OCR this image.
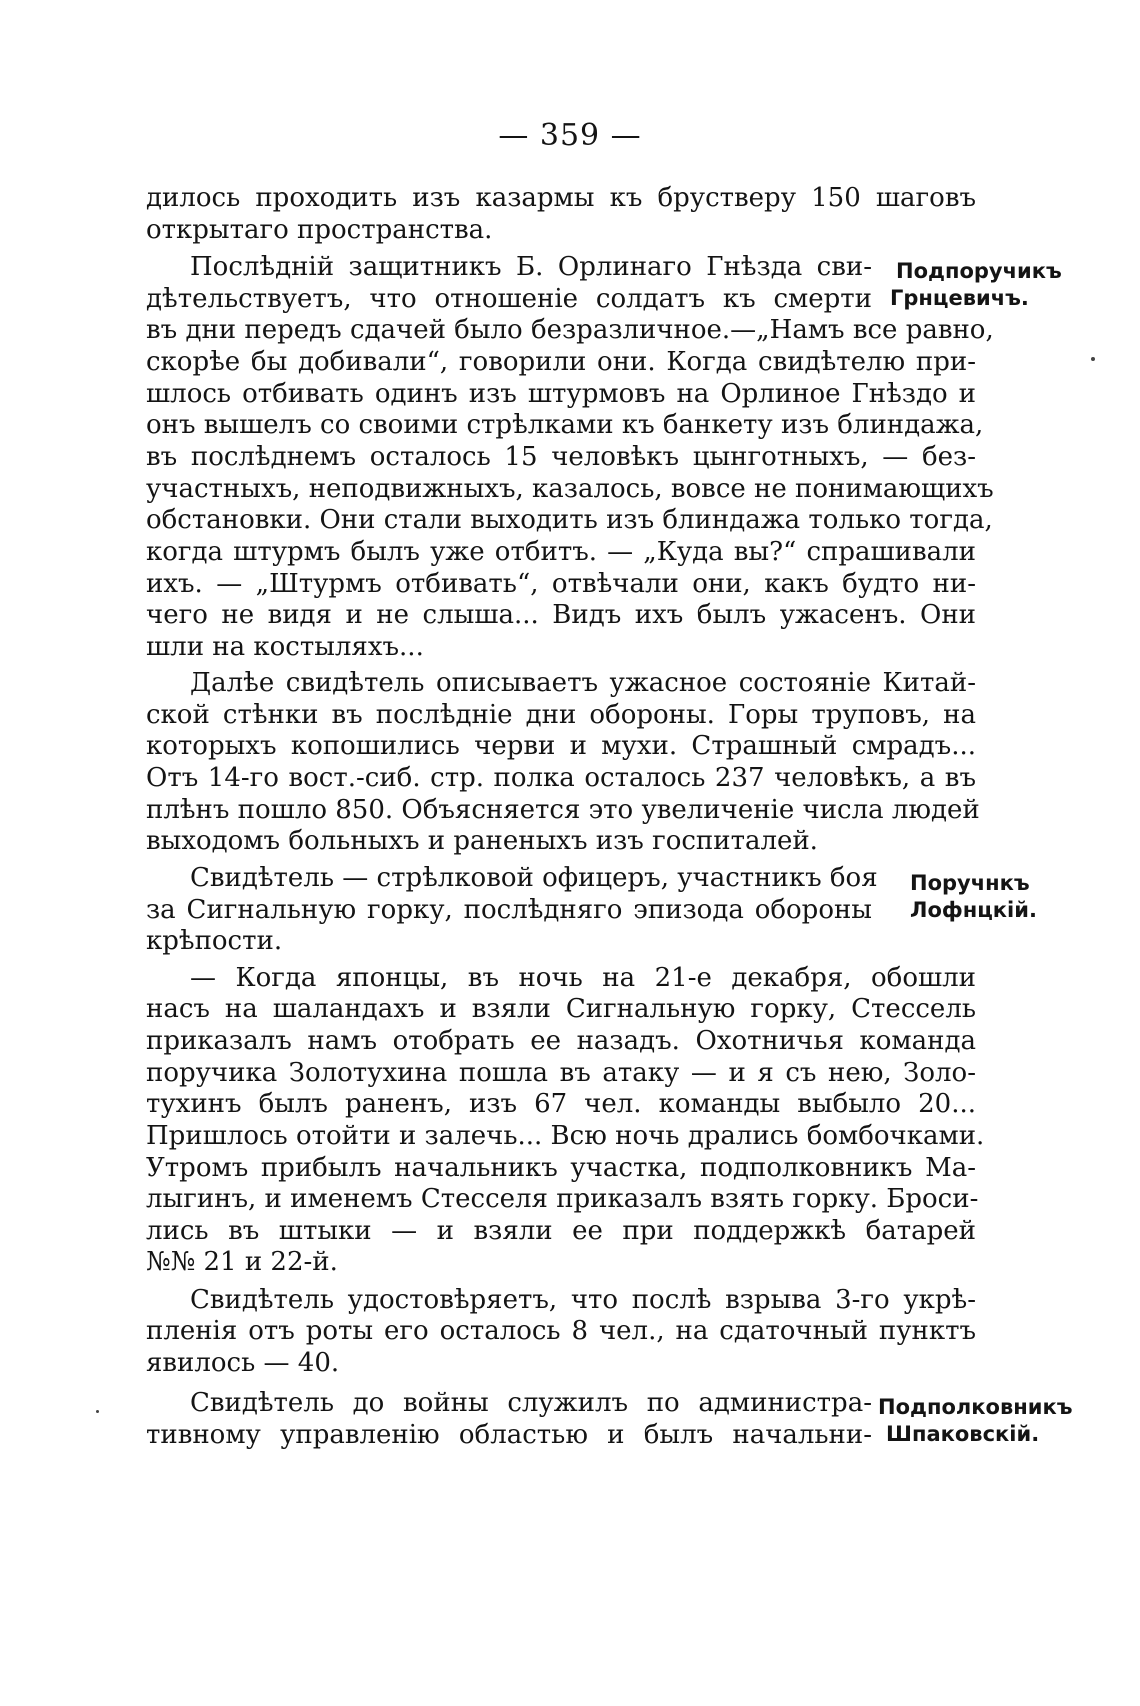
— 359 —
дилось проходить изъ казармы къ брустверу 150 шаговъ
открытаго пространства.
Послѣдній защитникъ Б. Орлинаго Гнѣзда сви-
дѣтельствуетъ, что отношеніе солдатъ къ смерти
въ дни передъ сдачей было безразличное.—„Намъ все равно,
скорѣе бы добивали“, говорили они. Когда свидѣтелю при-
шлось отбивать одинъ изъ штурмовъ на Орлиное Гнѣздо и
онъ вышелъ со своими стрѣлками къ банкету изъ блиндажа,
въ послѣднемъ осталось 15 человѣкъ цынготныхъ, — без-
участныхъ, неподвижныхъ, казалось, вовсе не понимающихъ
обстановки. Они стали выходить изъ блиндажа только тогда,
когда штурмъ былъ уже отбитъ. — „Куда вы?“ спрашивали
ихъ. — „Штурмъ отбивать“, отвѣчали они, какъ будто ни-
чего не видя и не слыша... Видъ ихъ былъ ужасенъ. Они
шли на костыляхъ...
Далѣе свидѣтель описываетъ ужасное состояніе Китай-
ской стѣнки въ послѣдніе дни обороны. Горы труповъ, на
которыхъ копошились черви и мухи. Страшный смрадъ...
Отъ 14-го вост.-сиб. стр. полка осталось 237 человѣкъ, а въ
плѣнъ пошло 850. Объясняется это увеличеніе числа людей
выходомъ больныхъ и раненыхъ изъ госпиталей.
Свидѣтель — стрѣлковой офицеръ, участникъ боя
за Сигнальную горку, послѣдняго эпизода обороны
крѣпости.
— Когда японцы, въ ночь на 21-е декабря, обошли
насъ на шаландахъ и взяли Сигнальную горку, Стессель
приказалъ намъ отобрать ее назадъ. Охотничья команда
поручика Золотухина пошла въ атаку — и я съ нею, Золо-
тухинъ былъ раненъ, изъ 67 чел. команды выбыло 20...
Пришлось отойти и залечь... Всю ночь дрались бомбочками.
Утромъ прибылъ начальникъ участка, подполковникъ Ма-
лыгинъ, и именемъ Стесселя приказалъ взять горку. Броси-
лись въ штыки — и взяли ее при поддержкѣ батарей
№№ 21 и 22-й.
Свидѣтель удостовѣряетъ, что послѣ взрыва 3-го укрѣ-
пленія отъ роты его осталось 8 чел., на сдаточный пунктъ
явилось — 40.
Свидѣтель до войны служилъ по администра-
тивному управленію областью и былъ начальни-
Подпоручикъ
Грнцевичъ.
Поручнкъ
Лофнцкій.
Подполковникъ
Шпаковскій.
